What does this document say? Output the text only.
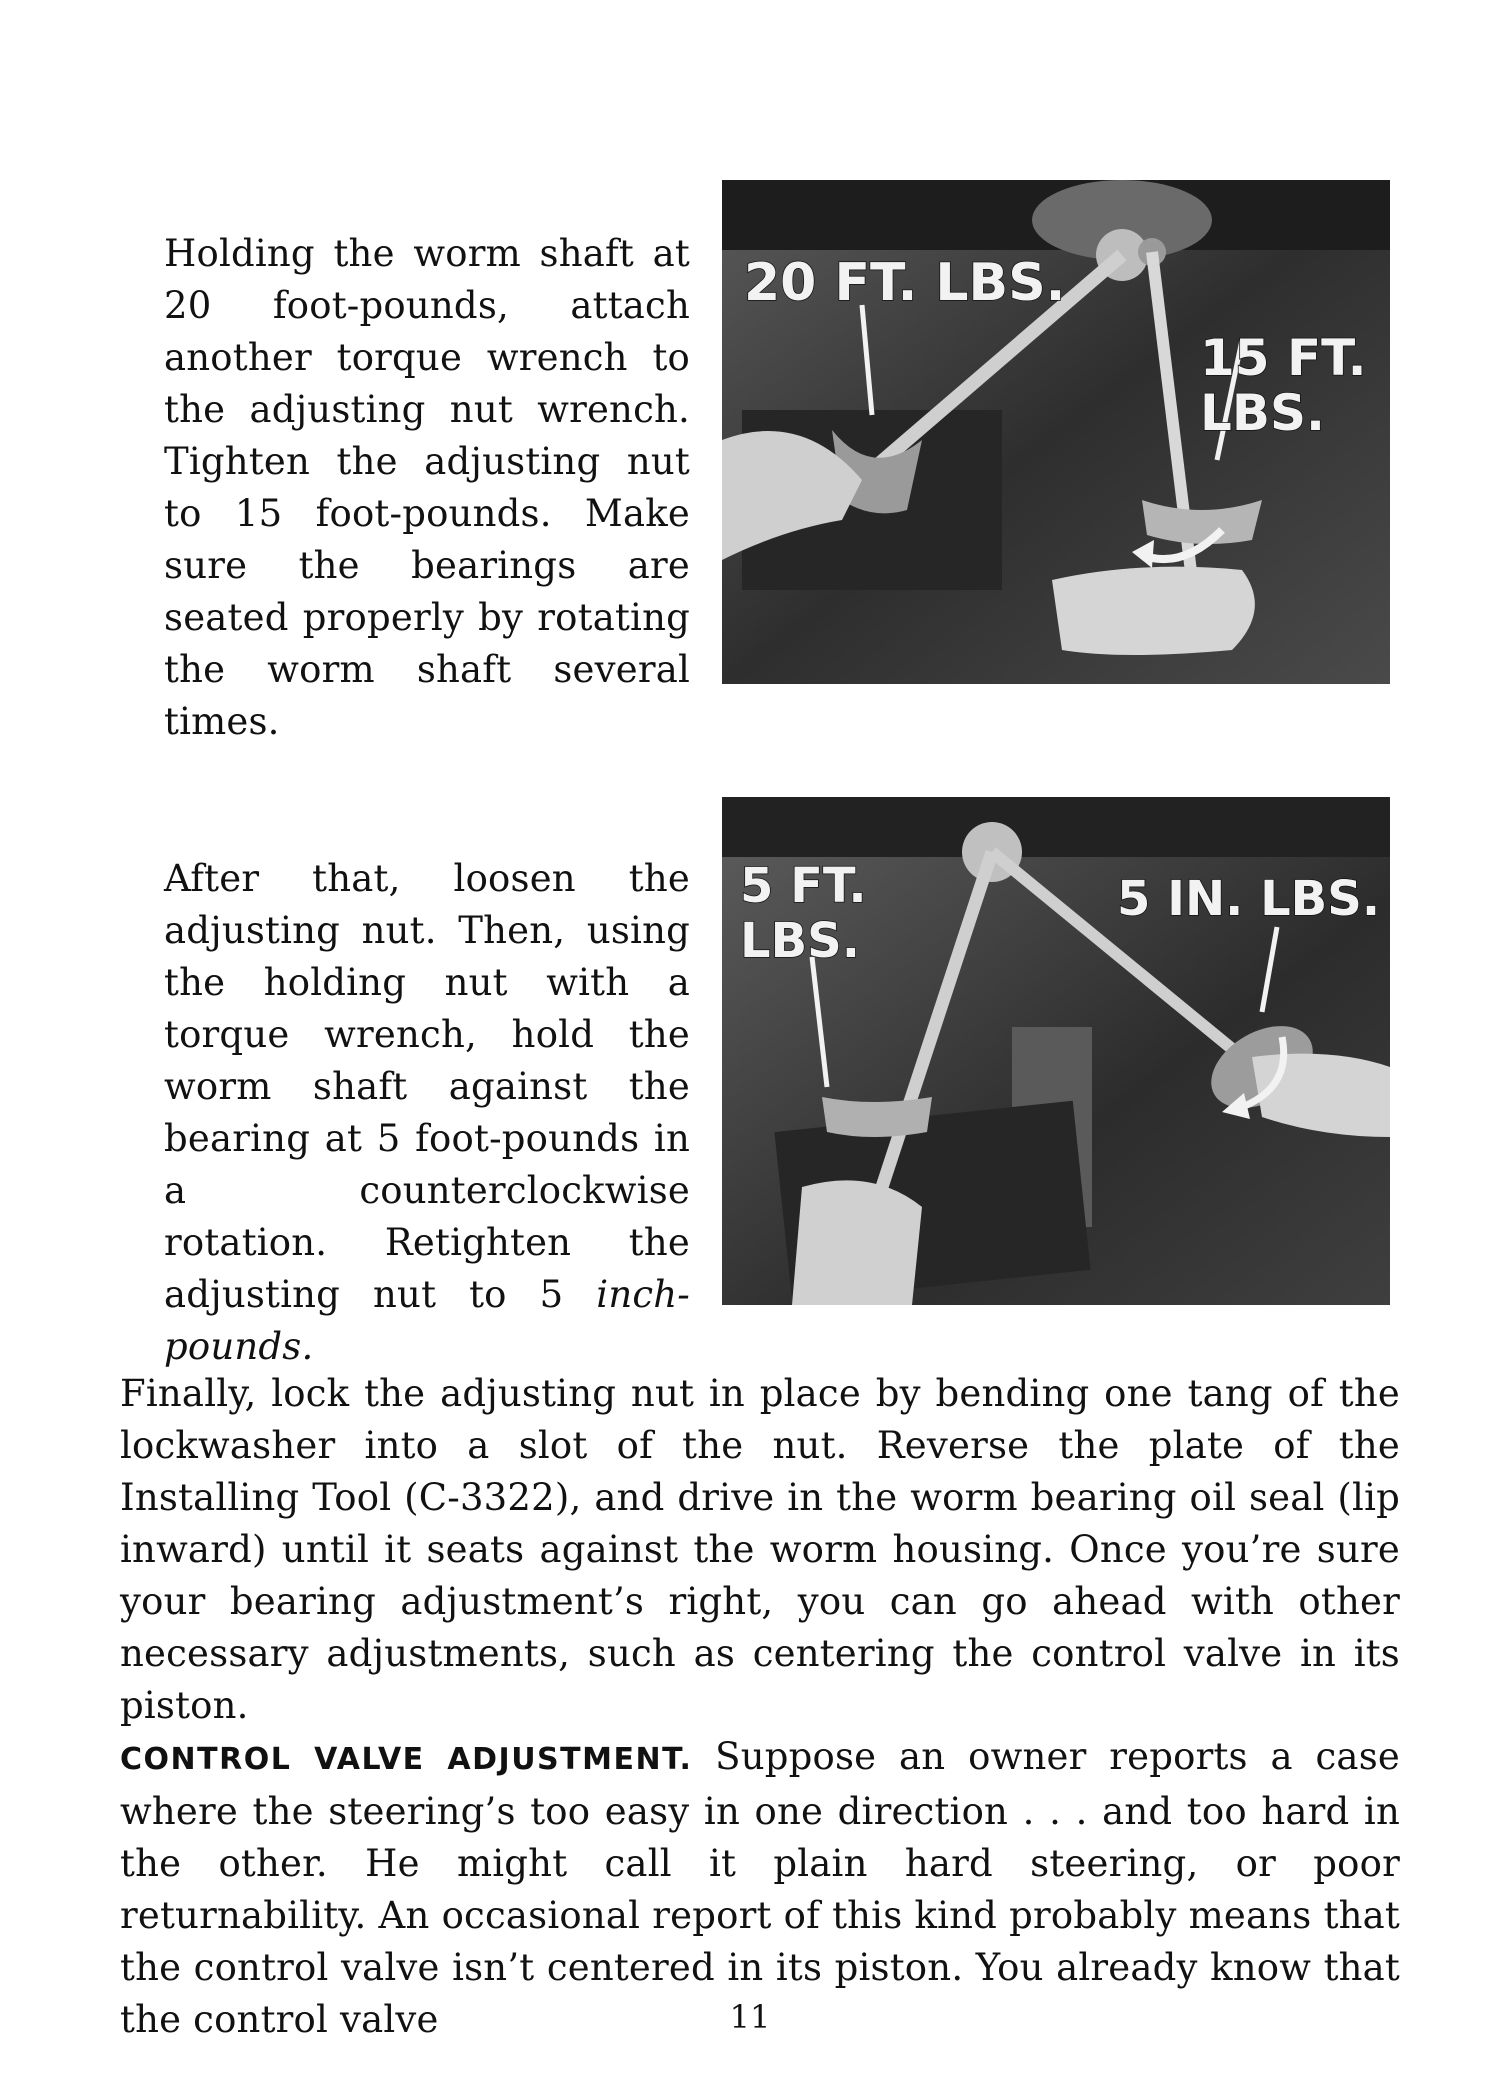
Holding the worm shaft at 20 foot-pounds, attach another torque wrench to the adjusting nut wrench. Tighten the adjusting nut to 15 foot-pounds. Make sure the bearings are seated properly by rotating the worm shaft several times.
20 FT. LBS.
15 FT.
LBS.
After that, loosen the adjusting nut. Then, using the holding nut with a torque wrench, hold the worm shaft against the bearing at 5 foot-pounds in a counterclockwise rotation. Retighten the adjusting nut to 5 inch-pounds.
5 FT.
LBS.
5 IN. LBS.
Finally, lock the adjusting nut in place by bending one tang of the lockwasher into a slot of the nut. Reverse the plate of the Installing Tool (C-3322), and drive in the worm bearing oil seal (lip inward) until it seats against the worm housing. Once you’re sure your bearing adjustment’s right, you can go ahead with other necessary adjustments, such as centering the control valve in its piston.
CONTROL VALVE ADJUSTMENT. Suppose an owner reports a case where the steering’s too easy in one direction . . . and too hard in the other. He might call it plain hard steering, or poor returnability. An occasional report of this kind probably means that the control valve isn’t centered in its piston. You already know that the control valve	11
